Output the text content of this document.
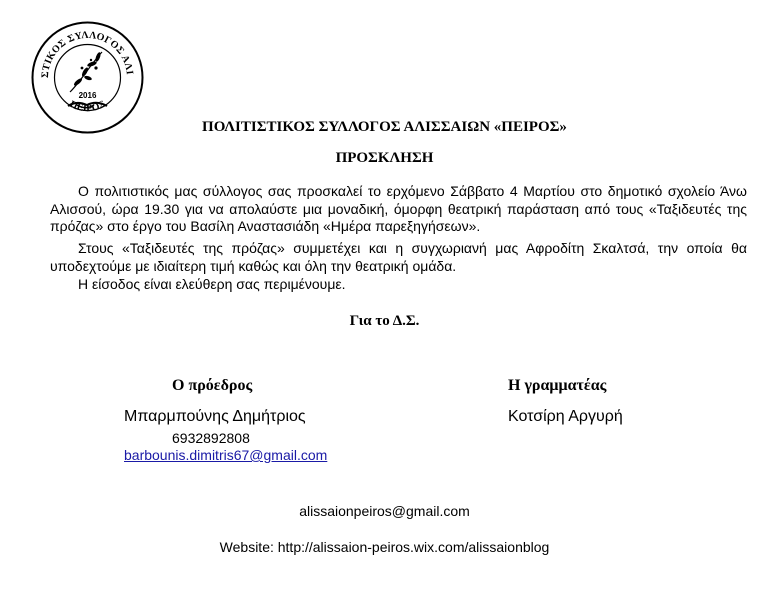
ΣΤΙΚΟΣ ΣΥΛΛΟΓΟΣ ΑΛΙ
ΠΕΙΡΟΣ
2016
ΠΟΛΙΤΙΣΤΙΚΟΣ ΣΥΛΛΟΓΟΣ ΑΛΙΣΣΑΙΩΝ «ΠΕΙΡΟΣ»
ΠΡΟΣΚΛΗΣΗ
Ο πολιτιστικός μας σύλλογος σας προσκαλεί το ερχόμενο Σάββατο 4 Μαρτίου στο δημοτικό σχολείο Άνω Αλισσού, ώρα 19.30 για να απολαύστε μια μοναδική, όμορφη θεατρική παράσταση από τους «Ταξιδευτές της πρόζας» στο έργο του Βασίλη Αναστασιάδη «Ημέρα παρεξηγήσεων».
Στους «Ταξιδευτές της πρόζας» συμμετέχει και η συγχωριανή μας Αφροδίτη Σκαλτσά, την οποία θα υποδεχτούμε με ιδιαίτερη τιμή καθώς και όλη την θεατρική ομάδα.
Η είσοδος είναι ελεύθερη σας περιμένουμε.
Για το Δ.Σ.
Ο πρόεδρος	Η γραμματέας
Μπαρμπούνης Δημήτριος	Κοτσίρη Αργυρή
6932892808
barbounis.dimitris67@gmail.com
alissaionpeiros@gmail.com
Website: http://alissaion-peiros.wix.com/alissaionblog
